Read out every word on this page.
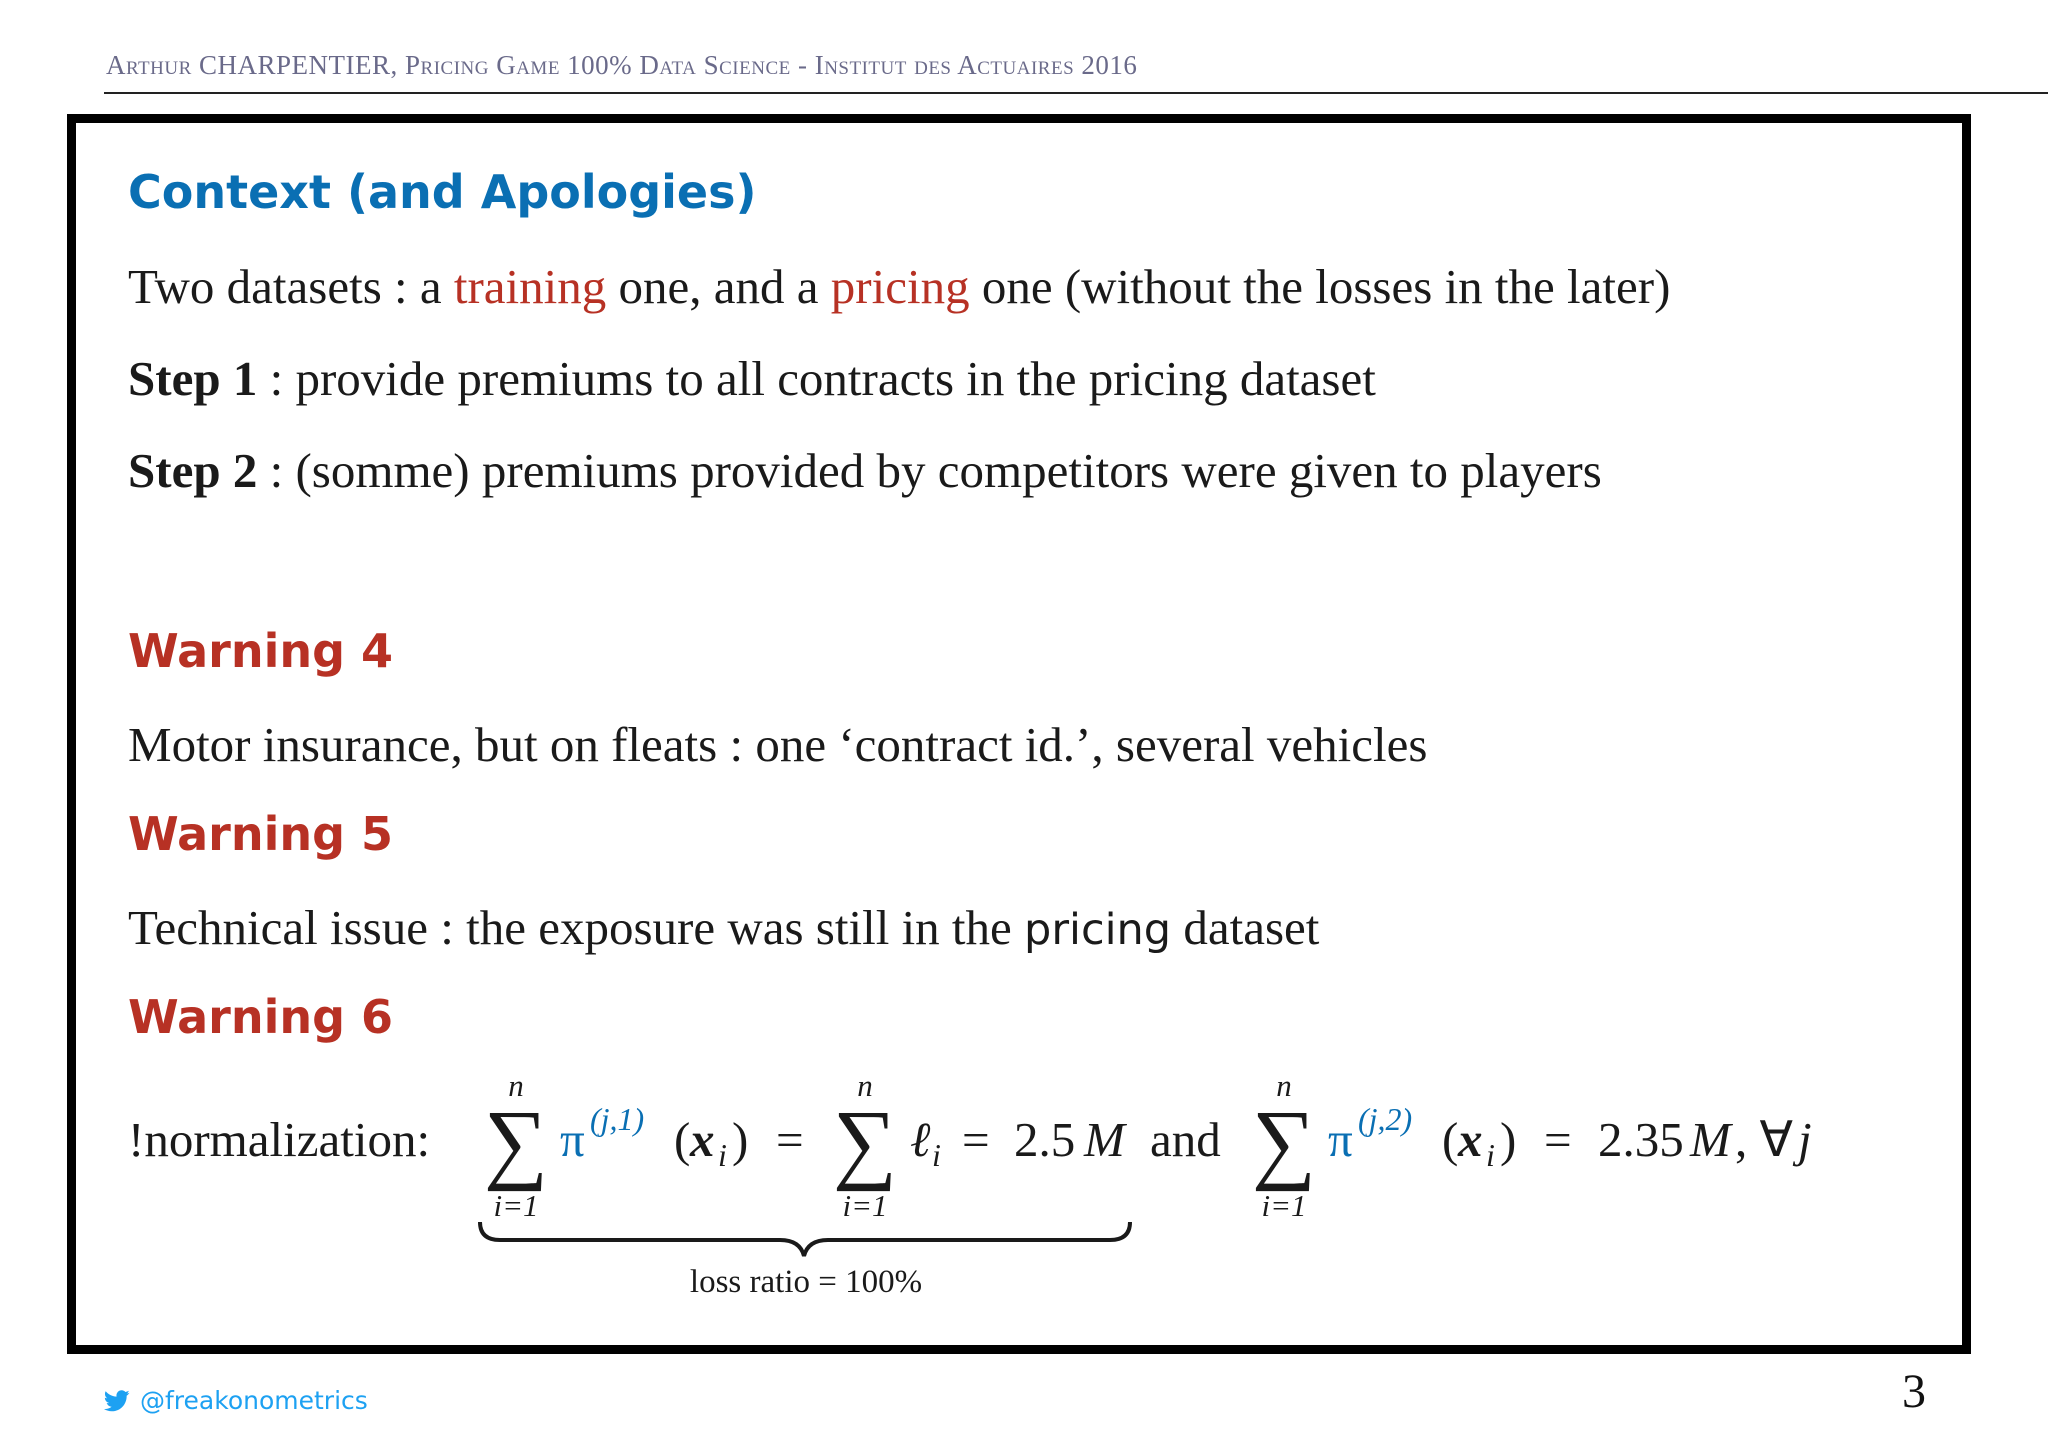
Arthur CHARPENTIER, Pricing Game 100% Data Science - Institut des Actuaires 2016
Context (and Apologies)
Two datasets : a training one, and a pricing one (without the losses in the later)
Step 1 : provide premiums to all contracts in the pricing dataset
Step 2 : (somme) premiums provided by competitors were given to players
Warning 4
Motor insurance, but on fleats : one ‘contract id.’, several vehicles
Warning 5
Technical issue : the exposure was still in the pricing dataset
Warning 6
!normalization:
n
∑
i=1
π (j,1) ( x i ) =
n
∑
i=1
ℓ i = 2.5 M and
n
∑
i=1
π (j,2) ( x i ) = 2.35 M , ∀ j
loss ratio = 100%
@freakonometrics	3
